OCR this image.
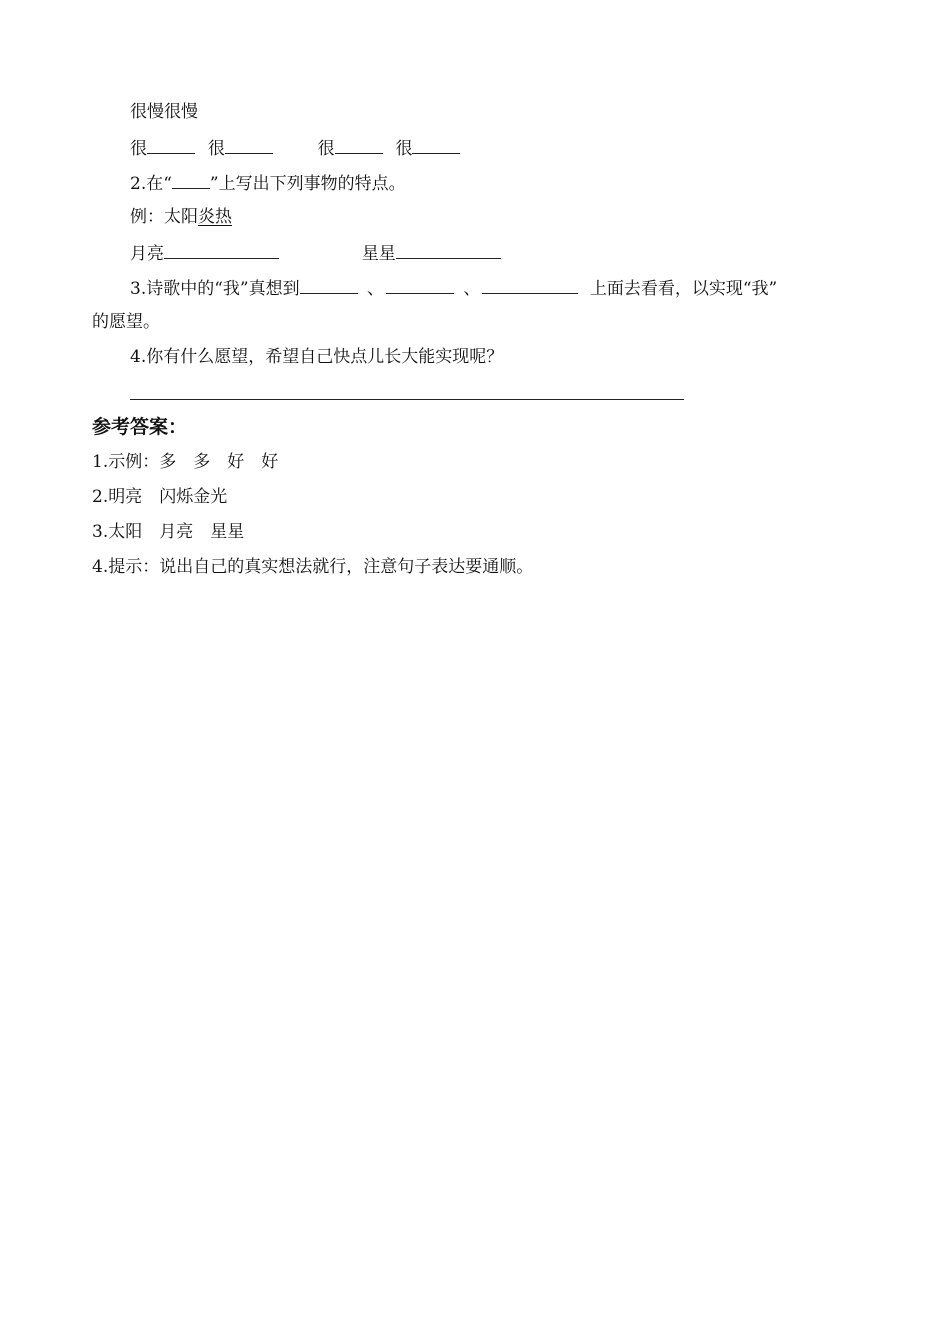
很慢很慢
很	很	很	很
2.在“ ”上写出下列事物的特点。
例：太阳炎热
月亮	星星
3.诗歌中的“我”真想到	、	、	上面去看看，以实现“我”
的愿望。
4.你有什么愿望，希望自己快点儿长大能实现呢？
参考答案：
1.示例：多　多　好　好
2.明亮　闪烁金光
3.太阳　月亮　星星
4.提示：说出自己的真实想法就行，注意句子表达要通顺。
